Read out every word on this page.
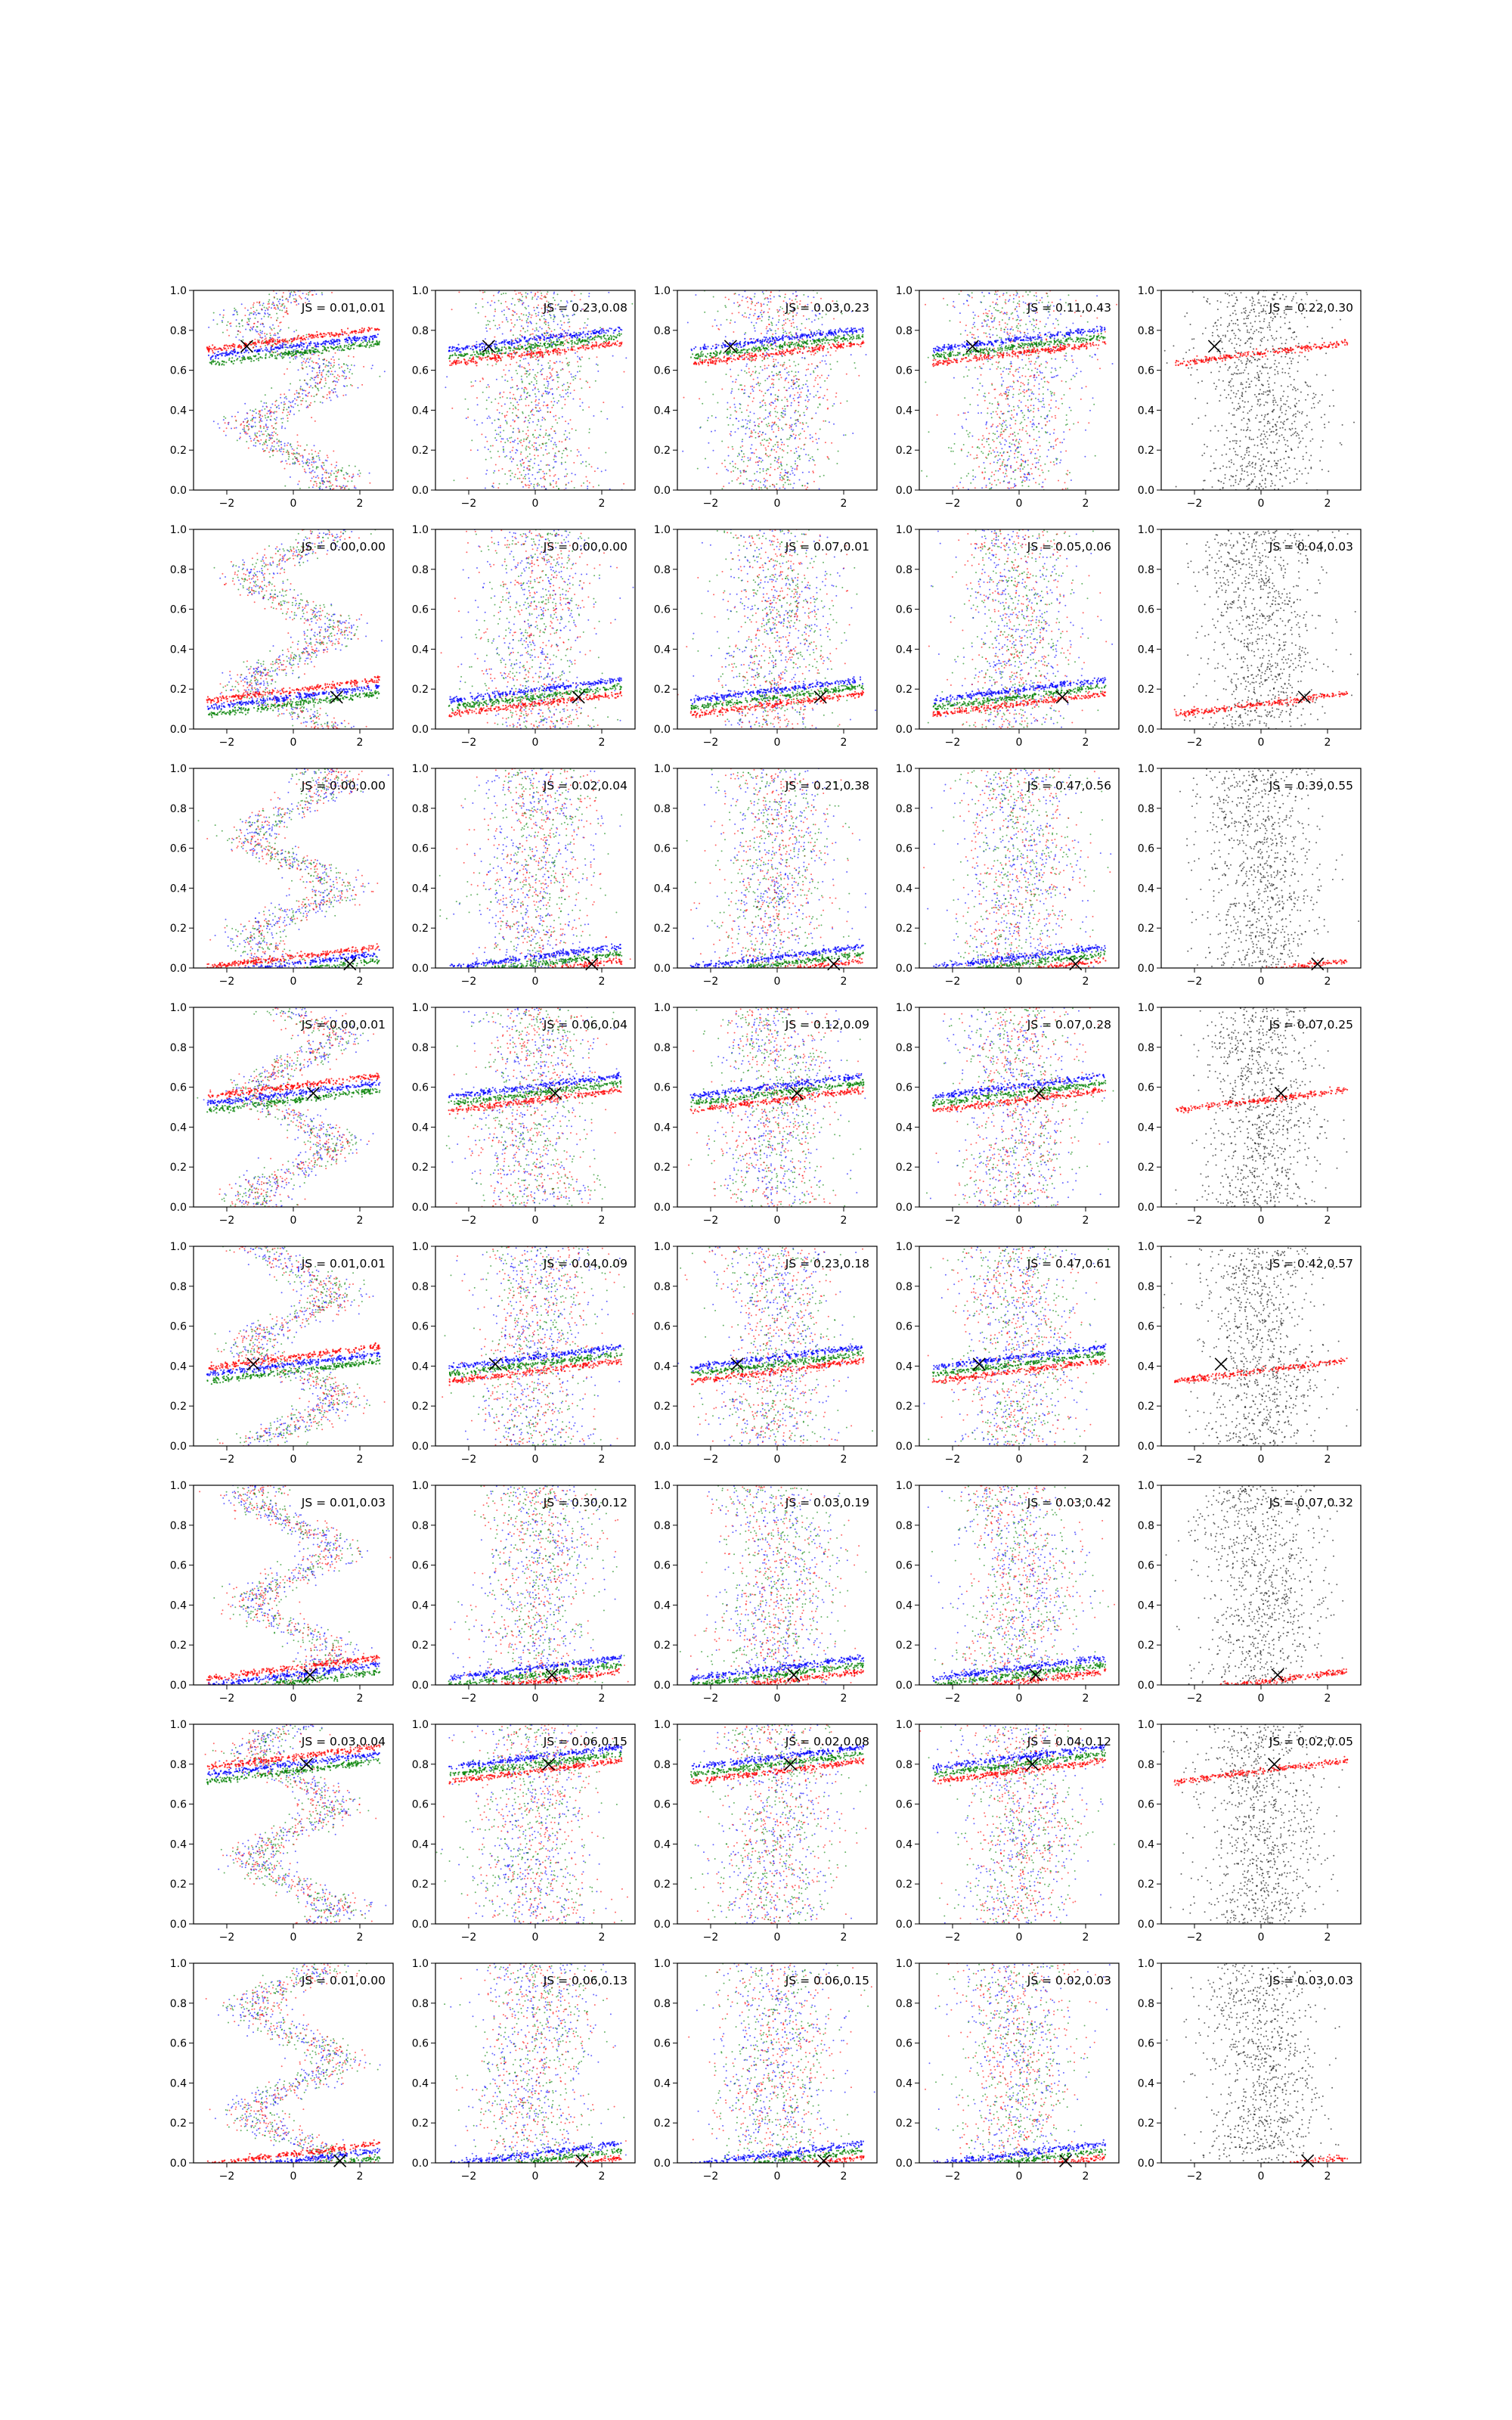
0.0
0.2
0.4
0.6
0.8
1.0
−2	0	2
JS = 0.01,0.01
0.0
0.2
0.4
0.6
0.8
1.0
−2	0	2
JS = 0.23,0.08
0.0
0.2
0.4
0.6
0.8
1.0
−2	0	2
JS = 0.03,0.23
0.0
0.2
0.4
0.6
0.8
1.0
−2	0	2
JS = 0.11,0.43
0.0
0.2
0.4
0.6
0.8
1.0
−2	0	2
JS = 0.22,0.30
0.0
0.2
0.4
0.6
0.8
1.0
−2	0	2
JS = 0.00,0.00
0.0
0.2
0.4
0.6
0.8
1.0
−2	0	2
JS = 0.00,0.00
0.0
0.2
0.4
0.6
0.8
1.0
−2	0	2
JS = 0.07,0.01
0.0
0.2
0.4
0.6
0.8
1.0
−2	0	2
JS = 0.05,0.06
0.0
0.2
0.4
0.6
0.8
1.0
−2	0	2
JS = 0.04,0.03
0.0
0.2
0.4
0.6
0.8
1.0
−2	0	2
JS = 0.00,0.00
0.0
0.2
0.4
0.6
0.8
1.0
−2	0	2
JS = 0.02,0.04
0.0
0.2
0.4
0.6
0.8
1.0
−2	0	2
JS = 0.21,0.38
0.0
0.2
0.4
0.6
0.8
1.0
−2	0	2
JS = 0.47,0.56
0.0
0.2
0.4
0.6
0.8
1.0
−2	0	2
JS = 0.39,0.55
0.0
0.2
0.4
0.6
0.8
1.0
−2	0	2
JS = 0.00,0.01
0.0
0.2
0.4
0.6
0.8
1.0
−2	0	2
JS = 0.06,0.04
0.0
0.2
0.4
0.6
0.8
1.0
−2	0	2
JS = 0.12,0.09
0.0
0.2
0.4
0.6
0.8
1.0
−2	0	2
JS = 0.07,0.28
0.0
0.2
0.4
0.6
0.8
1.0
−2	0	2
JS = 0.07,0.25
0.0
0.2
0.4
0.6
0.8
1.0
−2	0	2
JS = 0.01,0.01
0.0
0.2
0.4
0.6
0.8
1.0
−2	0	2
JS = 0.04,0.09
0.0
0.2
0.4
0.6
0.8
1.0
−2	0	2
JS = 0.23,0.18
0.0
0.2
0.4
0.6
0.8
1.0
−2	0	2
JS = 0.47,0.61
0.0
0.2
0.4
0.6
0.8
1.0
−2	0	2
JS = 0.42,0.57
0.0
0.2
0.4
0.6
0.8
1.0
−2	0	2
JS = 0.01,0.03
0.0
0.2
0.4
0.6
0.8
1.0
−2	0	2
JS = 0.30,0.12
0.0
0.2
0.4
0.6
0.8
1.0
−2	0	2
JS = 0.03,0.19
0.0
0.2
0.4
0.6
0.8
1.0
−2	0	2
JS = 0.03,0.42
0.0
0.2
0.4
0.6
0.8
1.0
−2	0	2
JS = 0.07,0.32
0.0
0.2
0.4
0.6
0.8
1.0
−2	0	2
JS = 0.03,0.04
0.0
0.2
0.4
0.6
0.8
1.0
−2	0	2
JS = 0.06,0.15
0.0
0.2
0.4
0.6
0.8
1.0
−2	0	2
JS = 0.02,0.08
0.0
0.2
0.4
0.6
0.8
1.0
−2	0	2
JS = 0.04,0.12
0.0
0.2
0.4
0.6
0.8
1.0
−2	0	2
JS = 0.02,0.05
0.0
0.2
0.4
0.6
0.8
1.0
−2	0	2
JS = 0.01,0.00
0.0
0.2
0.4
0.6
0.8
1.0
−2	0	2
JS = 0.06,0.13
0.0
0.2
0.4
0.6
0.8
1.0
−2	0	2
JS = 0.06,0.15
0.0
0.2
0.4
0.6
0.8
1.0
−2	0	2
JS = 0.02,0.03
0.0
0.2
0.4
0.6
0.8
1.0
−2	0	2
JS = 0.03,0.03
